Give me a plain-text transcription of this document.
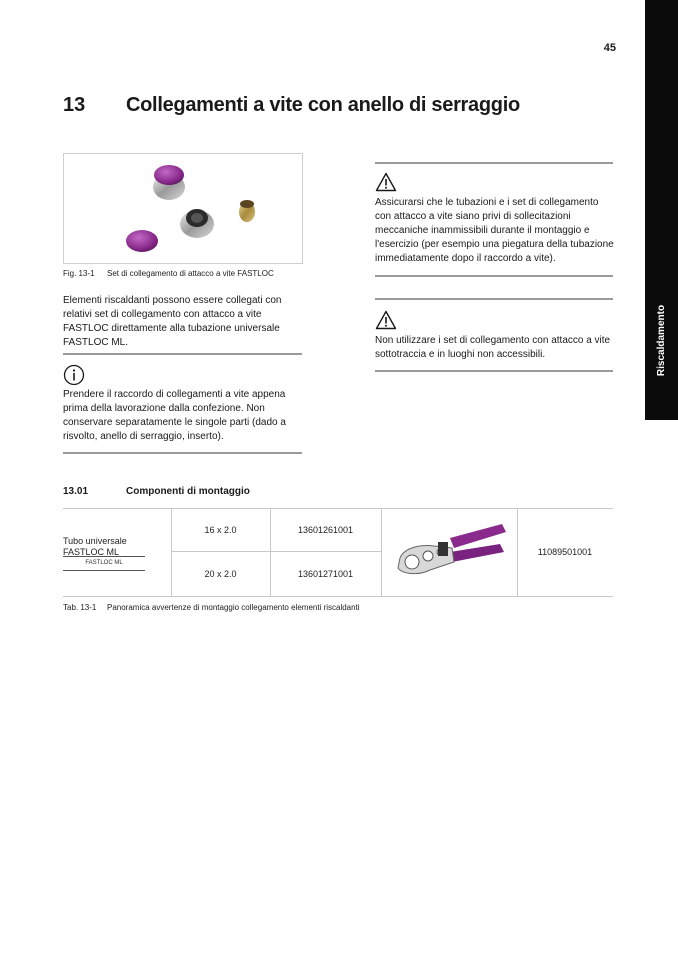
45
Riscaldamento
13 Collegamenti a vite con anello di serraggio
Fig. 13-1 Set di collegamento di attacco a vite FASTLOC
Elementi riscaldanti possono essere collegati con relativi set di collegamento con attacco a vite FASTLOC direttamente alla tubazione universale FASTLOC ML.
Prendere il raccordo di collegamenti a vite appena prima della lavorazione dalla confezione. Non conservare separatamente le singole parti (dado a risvolto, anello di serraggio, inserto).
Assicurarsi che le tubazioni e i set di collegamento con attacco a vite siano privi di sollecitazioni meccaniche inammissibili durante il montaggio e l'esercizio (per esempio una piegatura della tubazione immediatamente dopo il raccordo a vite).
Non utilizzare i set di collegamento con attacco a vite sottotraccia e in luoghi non accessibili.
13.01	Componenti di montaggio
Tubo universale FASTLOC ML
FASTLOC ML
16 x 2.0	13601261001
20 x 2.0	13601271001
11089501001
Tab. 13-1 Panoramica avvertenze di montaggio collegamento elementi riscaldanti
